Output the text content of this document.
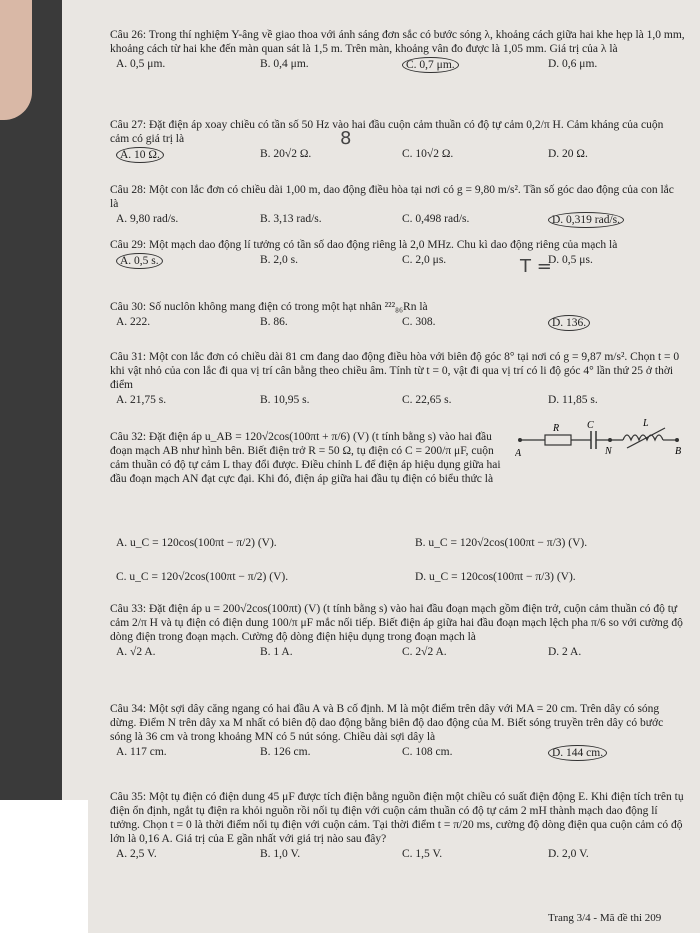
Câu 26: Trong thí nghiệm Y-âng về giao thoa với ánh sáng đơn sắc có bước sóng λ, khoảng cách giữa hai khe hẹp là 1,0 mm, khoảng cách từ hai khe đến màn quan sát là 1,5 m. Trên màn, khoảng vân đo được là 1,05 mm. Giá trị của λ là
A. 0,5 μm.	B. 0,4 μm.	C. 0,7 μm.	D. 0,6 μm.
Câu 27: Đặt điện áp xoay chiều có tần số 50 Hz vào hai đầu cuộn cảm thuần có độ tự cảm 0,2/π H. Cảm kháng của cuộn cảm có giá trị là
A. 10 Ω.	B. 20√2 Ω.	C. 10√2 Ω.	D. 20 Ω.
8
Câu 28: Một con lắc đơn có chiều dài 1,00 m, dao động điều hòa tại nơi có g = 9,80 m/s². Tần số góc dao động của con lắc là
A. 9,80 rad/s.	B. 3,13 rad/s.	C. 0,498 rad/s.	D. 0,319 rad/s.
Câu 29: Một mạch dao động lí tưởng có tần số dao động riêng là 2,0 MHz. Chu kì dao động riêng của mạch là
A. 0,5 s.	B. 2,0 s.	C. 2,0 μs.	D. 0,5 μs.
T =
Câu 30: Số nuclôn không mang điện có trong một hạt nhân ²²²₈₆Rn là
A. 222.	B. 86.	C. 308.	D. 136.
Câu 31: Một con lắc đơn có chiều dài 81 cm đang dao động điều hòa với biên độ góc 8° tại nơi có g = 9,87 m/s². Chọn t = 0 khi vật nhỏ của con lắc đi qua vị trí cân bằng theo chiều âm. Tính từ t = 0, vật đi qua vị trí có li độ góc 4° lần thứ 25 ở thời điểm
A. 21,75 s.	B. 10,95 s.	C. 22,65 s.	D. 11,85 s.
Câu 32: Đặt điện áp u_AB = 120√2cos(100πt + π/6) (V) (t tính bằng s) vào hai đầu đoạn mạch AB như hình bên. Biết điện trở R = 50 Ω, tụ điện có C = 200/π μF, cuộn cảm thuần có độ tự cảm L thay đổi được. Điều chỉnh L để điện áp hiệu dụng giữa hai đầu đoạn mạch AN đạt cực đại. Khi đó, điện áp giữa hai đầu tụ điện có biểu thức là
A. u_C = 120cos(100πt − π/2) (V).	B. u_C = 120√2cos(100πt − π/3) (V).
C. u_C = 120√2cos(100πt − π/2) (V).	D. u_C = 120cos(100πt − π/3) (V).
A
R	C
N
L
B
Câu 33: Đặt điện áp u = 200√2cos(100πt) (V) (t tính bằng s) vào hai đầu đoạn mạch gồm điện trở, cuộn cảm thuần có độ tự cảm 2/π H và tụ điện có điện dung 100/π μF mắc nối tiếp. Biết điện áp giữa hai đầu đoạn mạch lệch pha π/6 so với cường độ dòng điện trong đoạn mạch. Cường độ dòng điện hiệu dụng trong đoạn mạch là
A. √2 A.	B. 1 A.	C. 2√2 A.	D. 2 A.
Câu 34: Một sợi dây căng ngang có hai đầu A và B cố định. M là một điểm trên dây với MA = 20 cm. Trên dây có sóng dừng. Điểm N trên dây xa M nhất có biên độ dao động bằng biên độ dao động của M. Biết sóng truyền trên dây có bước sóng là 36 cm và trong khoảng MN có 5 nút sóng. Chiều dài sợi dây là
A. 117 cm.	B. 126 cm.	C. 108 cm.	D. 144 cm.
Câu 35: Một tụ điện có điện dung 45 μF được tích điện bằng nguồn điện một chiều có suất điện động E. Khi điện tích trên tụ điện ổn định, ngắt tụ điện ra khỏi nguồn rồi nối tụ điện với cuộn cảm thuần có độ tự cảm 2 mH thành mạch dao động lí tưởng. Chọn t = 0 là thời điểm nối tụ điện với cuộn cảm. Tại thời điểm t = π/20 ms, cường độ dòng điện qua cuộn cảm có độ lớn là 0,16 A. Giá trị của E gần nhất với giá trị nào sau đây?
A. 2,5 V.	B. 1,0 V.	C. 1,5 V.	D. 2,0 V.
Trang 3/4 - Mã đề thi 209
